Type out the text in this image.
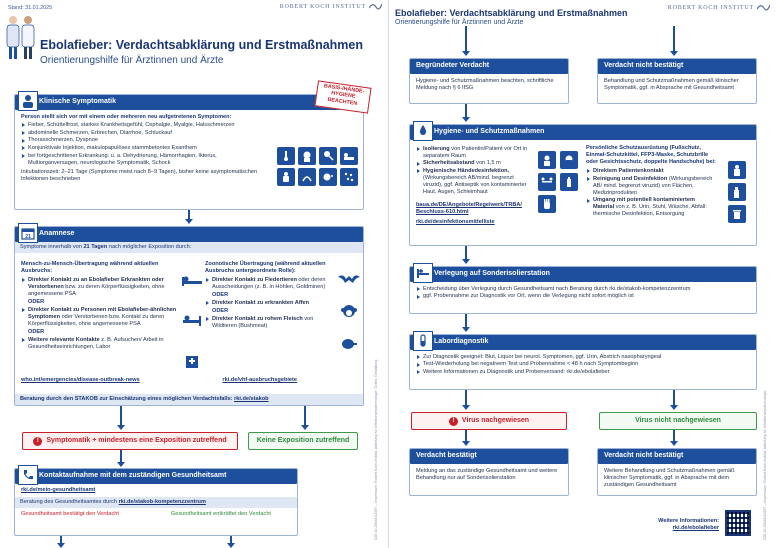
Stand: 31.01.2025	ROBERT KOCH INSTITUT
Ebolafieber: Verdachtsabklärung und Erstmaßnahmen
Orientierungshilfe für Ärztinnen und Ärzte
Klinische Symptomatik
Person stellt sich vor mit einem oder mehreren neu aufgetretenen Symptomen:
Fieber, Schüttelfrost, starkes Krankheitsgefühl, Cephalgie, Myalgie, Halsschmerzen
abdominelle Schmerzen, Erbrechen, Diarrhoe, Schluckauf
Thoraxschmerzen, Dyspnoe
Konjunktivale Injektion, makulopapulöses stammbetontes Exanthem
bei fortgeschrittener Erkrankung: u. a. Dehydrierung, Hämorrhagien, Ikterus, Multiorganversagen, neurologische Symptomatik, Schock
Inkubationszeit: 2–21 Tage (Symptome meist nach 8–9 Tagen), bisher keine asymptomatischen Infektionen beschrieben
BASIS-/HÄNDE-HYGIENE BEACHTEN
21 Anamnese
Symptome innerhalb von 21 Tagen nach möglicher Exposition durch:
Mensch-zu-Mensch-Übertragung während aktuellen Ausbruchs:
Direkter Kontakt zu an Ebolafieber Erkrankten oder Verstorbenen bzw. zu deren Körperflüssigkeiten, ohne angemessene PSA
ODER
Direkter Kontakt zu Personen mit Ebolafieber-ähnlichen Symptomen oder Verstorbenen bzw. Kontakt zu deren Körperflüssigkeiten, ohne angemessene PSA
ODER
Weitere relevante Kontakte z. B. Aufsuchen/ Arbeit in Gesundheitseinrichtungen, Labor
Zoonotische Übertragung (während aktuellen Ausbruchs untergeordnete Rolle):
Direkter Kontakt zu Fledertieren oder deren Ausscheidungen (z. B. in Höhlen, Goldminen)
ODER
Direkter Kontakt zu erkrankten Affen
ODER
Direkter Kontakt zu rohem Fleisch von Wildtieren (Bushmeat)
who.int/emergencies/disease-outbreak-news	rki.de/vhf-ausbruchsgebiete
Beratung durch den STAKOB zur Einschätzung eines möglichen Verdachtsfalls: rki.de/stakob
!	Symptomatik + mindestens eine Exposition zutreffend	Keine Exposition zutreffend
Kontaktaufnahme mit dem zuständigen Gesundheitsamt
rki.de/mein-gesundheitsamt
Beratung des Gesundheitsamtes durch rki.de/stakob-kompetenzzentrum
Gesundheitsamt bestätigt den Verdacht	Gesundheitsamt entkräftet den Verdacht	DOI 10.25646/12597 – Impressum: Robert Koch-Institut, Abteilung für Infektionsepidemiologie; Grafik: Gestaltung
Ebolafieber: Verdachtsabklärung und Erstmaßnahmen
Orientierungshilfe für Ärztinnen und Ärzte
ROBERT KOCH INSTITUT
Begründeter Verdacht
Hygiene- und Schutzmaßnahmen beachten, schriftliche Meldung nach § 6 IfSG
Verdacht nicht bestätigt
Behandlung und Schutzmaßnahmen gemäß klinischer Symptomatik, ggf. in Absprache mit Gesundheitsamt
Hygiene- und Schutzmaßnahmen
Isolierung von Patientin/Patient vor Ort in separatem Raum
Sicherheitsabstand von 1,5 m
Hygienische Händedesinfektion, (Wirkungsbereich AB/mind. begrenzt viruzid), ggf. Antiseptik von kontaminierter Haut, Augen, Schleimhaut
baua.de/DE/Angebote/Regelwerk/TRBA/ Beschluss-610.html
rki.de/desinfektionsmittelliste
Persönliche Schutzausrüstung (Fußschutz, Einmal-Schutzkittel, FFP3-Maske, Schutzbrille oder Gesichtsschutz, doppelte Handschuhe) bei:
Direktem Patientenkontakt
Reinigung und Desinfektion (Wirkungsbereich AB/ mind. begrenzt viruzid) von Flächen, Medizinprodukten
Umgang mit potentiell kontaminiertem Material von z. B. Urin, Stuhl, Wäsche, Abfall: thermische Desinfektion, Entsorgung
Verlegung auf Sonderisolierstation
Entscheidung über Verlegung durch Gesundheitsamt nach Beratung durch rki.de/stakob-kompetenzzentrum
ggf. Probennahme zur Diagnostik vor Ort, wenn die Verlegung nicht sofort möglich ist
Labordiagnostik
Zur Diagnostik geeignet: Blut, Liquor bei neurol. Symptomen, ggf. Urin, Abstrich nasopharyngeal
Test-Wiederholung bei negativem Test und Probennahme < 48 h nach Symptombeginn
Weitere Informationen zu Diagnostik und Probenversand: rki.de/ebolafieber
!	Virus nachgewiesen	Virus nicht nachgewiesen
Verdacht bestätigt
Meldung an das zuständige Gesundheitsamt und weitere Behandlung nur auf Sonderisolierstation
Verdacht nicht bestätigt
Weitere Behandlung und Schutzmaßnahmen gemäß klinischer Symptomatik, ggf. in Absprache mit dem zuständigen Gesundheitsamt
Weitere Informationen:
rki.de/ebolafieber	DOI 10.25646/12597 – Impressum: Robert Koch-Institut, Abteilung für Infektionsepidemiologie
